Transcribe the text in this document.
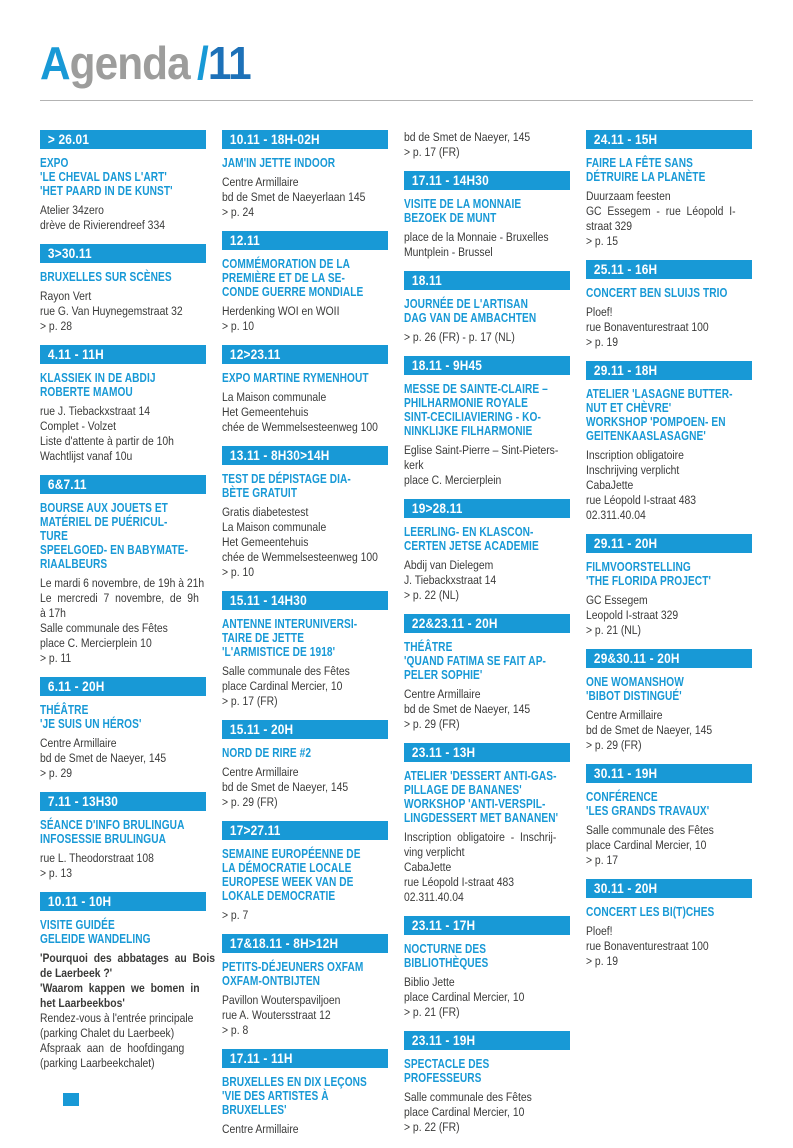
Agenda /11
> 26.01
EXPO
'LE CHEVAL DANS L'ART'
'HET PAARD IN DE KUNST'
Atelier 34zero
drève de Rivierendreef 334
3>30.11
BRUXELLES SUR SCÈNES
Rayon Vert
rue G. Van Huynegemstraat 32
> p. 28
4.11 - 11H
KLASSIEK IN DE ABDIJ
ROBERTE MAMOU
rue J. Tiebackxstraat 14
Complet - Volzet
Liste d'attente à partir de 10h
Wachtlijst vanaf 10u
6&7.11
BOURSE AUX JOUETS ET
MATÉRIEL DE PUÉRICUL-
TURE
SPEELGOED- EN BABYMATE-
RIAALBEURS
Le mardi 6 novembre, de 19h à 21h
Le mercredi 7 novembre, de 9h
à 17h
Salle communale des Fêtes
place C. Mercierplein 10
> p. 11
6.11 - 20H
THÉÂTRE
'JE SUIS UN HÉROS'
Centre Armillaire
bd de Smet de Naeyer, 145
> p. 29
7.11 - 13H30
SÉANCE D'INFO BRULINGUA
INFOSESSIE BRULINGUA
rue L. Theodorstraat 108
> p. 13
10.11 - 10H
VISITE GUIDÉE
GELEIDE WANDELING
'Pourquoi des abbatages au Bois
de Laerbeek ?'
'Waarom kappen we bomen in
het Laarbeekbos'
Rendez-vous à l'entrée principale
(parking Chalet du Laerbeek)
Afspraak aan de hoofdingang
(parking Laarbeekchalet)
10.11 - 18H-02H
JAM'IN JETTE INDOOR
Centre Armillaire
bd de Smet de Naeyerlaan 145
> p. 24
12.11
COMMÉMORATION DE LA
PREMIÈRE ET DE LA SE-
CONDE GUERRE MONDIALE
Herdenking WOI en WOII
> p. 10
12>23.11
EXPO MARTINE RYMENHOUT
La Maison communale
Het Gemeentehuis
chée de Wemmelsesteenweg 100
13.11 - 8H30>14H
TEST DE DÉPISTAGE DIA-
BÈTE GRATUIT
Gratis diabetestest
La Maison communale
Het Gemeentehuis
chée de Wemmelsesteenweg 100
> p. 10
15.11 - 14H30
ANTENNE INTERUNIVERSI-
TAIRE DE JETTE
'L'ARMISTICE DE 1918'
Salle communale des Fêtes
place Cardinal Mercier, 10
> p. 17 (FR)
15.11 - 20H
NORD DE RIRE #2
Centre Armillaire
bd de Smet de Naeyer, 145
> p. 29 (FR)
17>27.11
SEMAINE EUROPÉENNE DE
LA DÉMOCRATIE LOCALE
EUROPESE WEEK VAN DE
LOKALE DEMOCRATIE
> p. 7
17&18.11 - 8H>12H
PETITS-DÉJEUNERS OXFAM
OXFAM-ONTBIJTEN
Pavillon Wouterspaviljoen
rue A. Woutersstraat 12
> p. 8
17.11 - 11H
BRUXELLES EN DIX LEÇONS
'VIE DES ARTISTES À
BRUXELLES'
Centre Armillaire
bd de Smet de Naeyer, 145
> p. 17 (FR)
17.11 - 14H30
VISITE DE LA MONNAIE
BEZOEK DE MUNT
place de la Monnaie - Bruxelles
Muntplein - Brussel
18.11
JOURNÉE DE L'ARTISAN
DAG VAN DE AMBACHTEN
> p. 26 (FR) - p. 17 (NL)
18.11 - 9H45
MESSE DE SAINTE-CLAIRE –
PHILHARMONIE ROYALE
SINT-CECILIAVIERING - KO-
NINKLIJKE FILHARMONIE
Eglise Saint-Pierre – Sint-Pieters-
kerk
place C. Mercierplein
19>28.11
LEERLING- EN KLASCON-
CERTEN JETSE ACADEMIE
Abdij van Dielegem
J. Tiebackxstraat 14
> p. 22 (NL)
22&23.11 - 20H
THÉÂTRE
'QUAND FATIMA SE FAIT AP-
PELER SOPHIE'
Centre Armillaire
bd de Smet de Naeyer, 145
> p. 29 (FR)
23.11 - 13H
ATELIER 'DESSERT ANTI-GAS-
PILLAGE DE BANANES'
WORKSHOP 'ANTI-VERSPIL-
LINGDESSERT MET BANANEN'
Inscription obligatoire - Inschrij-
ving verplicht
CabaJette
rue Léopold I-straat 483
02.311.40.04
23.11 - 17H
NOCTURNE DES
BIBLIOTHÈQUES
Biblio Jette
place Cardinal Mercier, 10
> p. 21 (FR)
23.11 - 19H
SPECTACLE DES
PROFESSEURS
Salle communale des Fêtes
place Cardinal Mercier, 10
> p. 22 (FR)
24.11 - 15H
FAIRE LA FÊTE SANS
DÉTRUIRE LA PLANÈTE
Duurzaam feesten
GC Essegem - rue Léopold I-
straat 329
> p. 15
25.11 - 16H
CONCERT BEN SLUIJS TRIO
Ploef!
rue Bonaventurestraat 100
> p. 19
29.11 - 18H
ATELIER 'LASAGNE BUTTER-
NUT ET CHÈVRE'
WORKSHOP 'POMPOEN- EN
GEITENKAASLASAGNE'
Inscription obligatoire
Inschrijving verplicht
CabaJette
rue Léopold I-straat 483
02.311.40.04
29.11 - 20H
FILMVOORSTELLING
'THE FLORIDA PROJECT'
GC Essegem
Leopold I-straat 329
> p. 21 (NL)
29&30.11 - 20H
ONE WOMANSHOW
'BIBOT DISTINGUÉ'
Centre Armillaire
bd de Smet de Naeyer, 145
> p. 29 (FR)
30.11 - 19H
CONFÉRENCE
'LES GRANDS TRAVAUX'
Salle communale des Fêtes
place Cardinal Mercier, 10
> p. 17
30.11 - 20H
CONCERT LES BI(T)CHES
Ploef!
rue Bonaventurestraat 100
> p. 19
